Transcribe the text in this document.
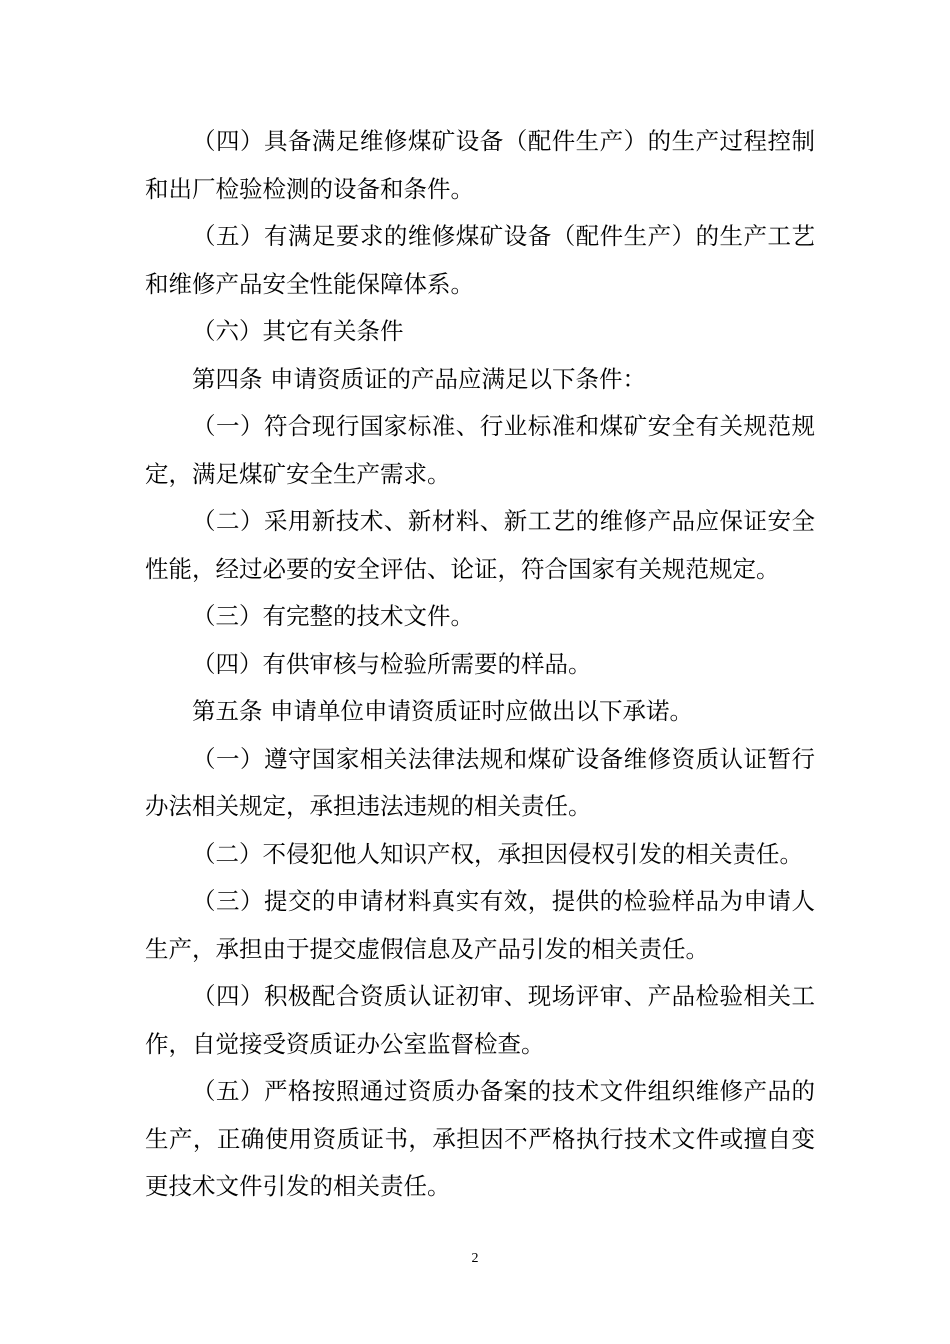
（四）具备满足维修煤矿设备（配件生产）的生产过程控制和出厂检验检测的设备和条件。

（五）有满足要求的维修煤矿设备（配件生产）的生产工艺和维修产品安全性能保障体系。

（六）其它有关条件

第四条 申请资质证的产品应满足以下条件：

（一）符合现行国家标准、行业标准和煤矿安全有关规范规定，满足煤矿安全生产需求。

（二）采用新技术、新材料、新工艺的维修产品应保证安全性能，经过必要的安全评估、论证，符合国家有关规范规定。

（三）有完整的技术文件。

（四）有供审核与检验所需要的样品。

第五条 申请单位申请资质证时应做出以下承诺。

（一）遵守国家相关法律法规和煤矿设备维修资质认证暂行办法相关规定，承担违法违规的相关责任。

（二）不侵犯他人知识产权，承担因侵权引发的相关责任。

（三）提交的申请材料真实有效，提供的检验样品为申请人生产，承担由于提交虚假信息及产品引发的相关责任。

（四）积极配合资质认证初审、现场评审、产品检验相关工作，自觉接受资质证办公室监督检查。

（五）严格按照通过资质办备案的技术文件组织维修产品的生产，正确使用资质证书，承担因不严格执行技术文件或擅自变更技术文件引发的相关责任。

2
